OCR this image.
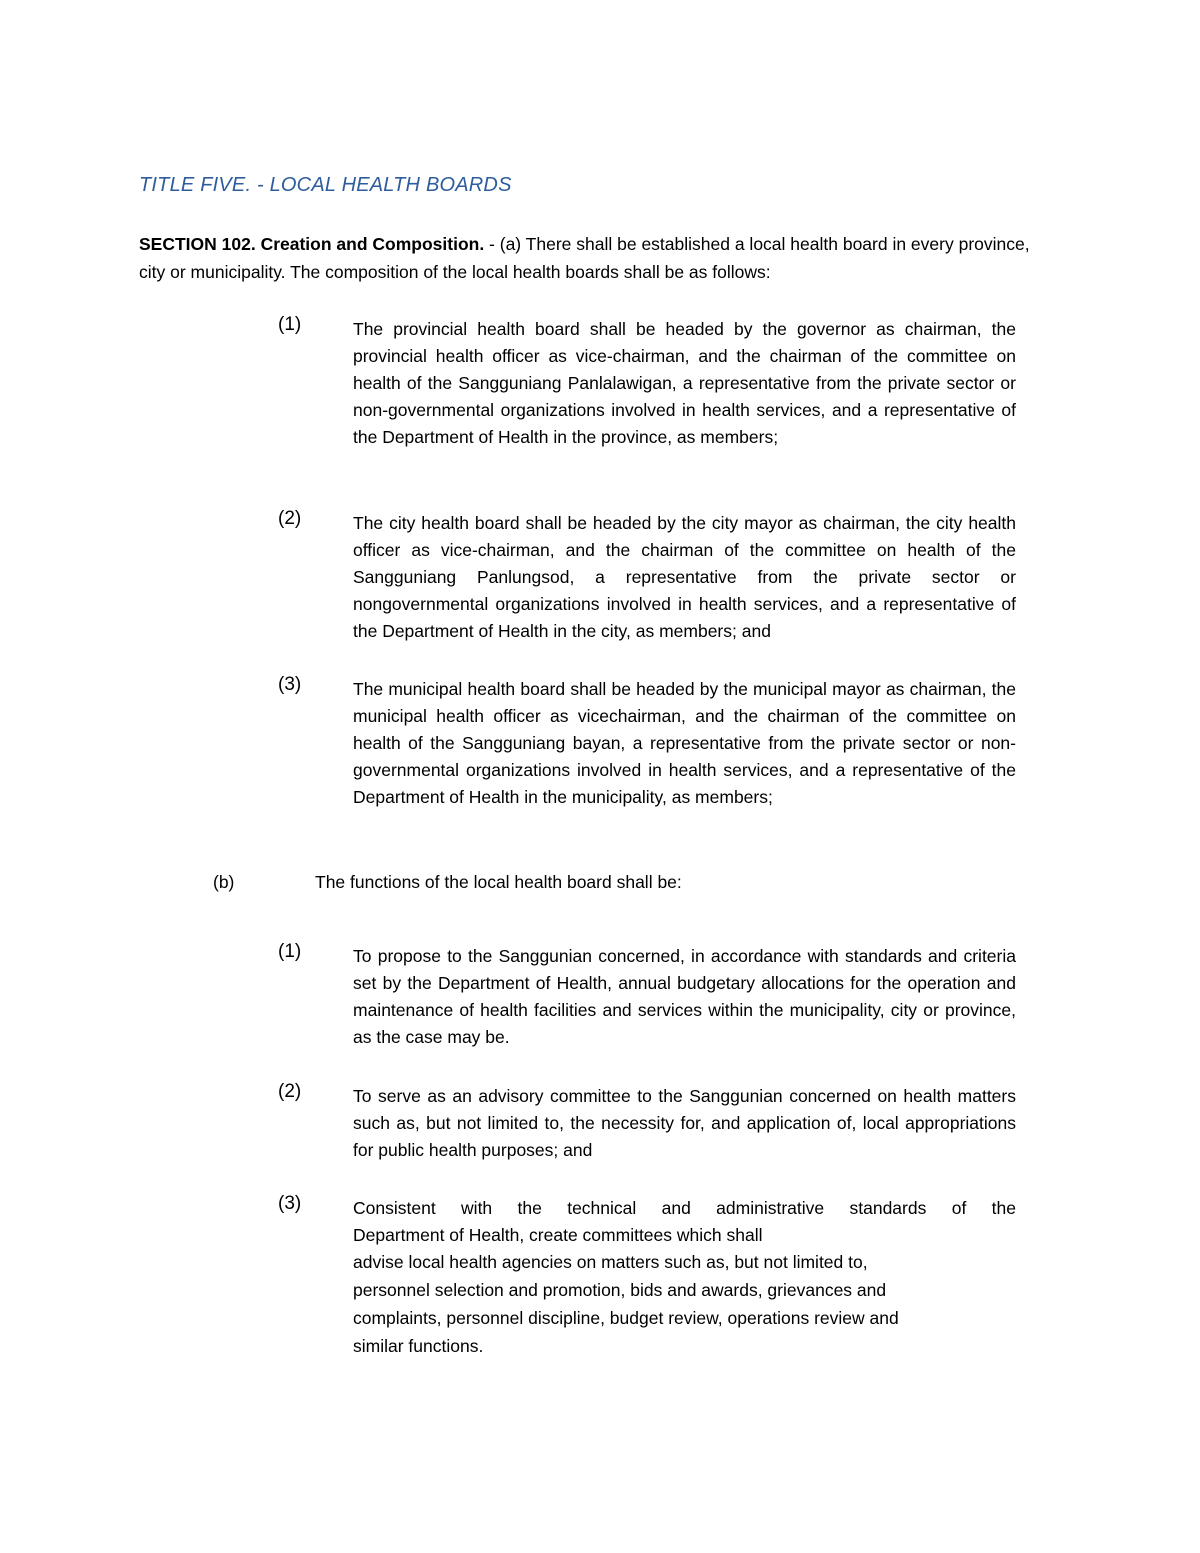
TITLE FIVE. - LOCAL HEALTH BOARDS
SECTION 102. Creation and Composition. - (a) There shall be established a local health board in every province, city or municipality. The composition of the local health boards shall be as follows:
(1)	The provincial health board shall be headed by the governor as chairman, the provincial health officer as vice-chairman, and the chairman of the committee on health of the Sangguniang Panlalawigan, a representative from the private sector or non-governmental organizations involved in health services, and a representative of the Department of Health in the province, as members;
(2)	The city health board shall be headed by the city mayor as chairman, the city health officer as vice-chairman, and the chairman of the committee on health of the Sangguniang Panlungsod, a representative from the private sector or nongovernmental organizations involved in health services, and a representative of the Department of Health in the city, as members; and
(3)	The municipal health board shall be headed by the municipal mayor as chairman, the municipal health officer as vicechairman, and the chairman of the committee on health of the Sangguniang bayan, a representative from the private sector or non-governmental organizations involved in health services, and a representative of the Department of Health in the municipality, as members;
(b)	The functions of the local health board shall be:
(1)	To propose to the Sanggunian concerned, in accordance with standards and criteria set by the Department of Health, annual budgetary allocations for the operation and maintenance of health facilities and services within the municipality, city or province, as the case may be.
(2)	To serve as an advisory committee to the Sanggunian concerned on health matters such as, but not limited to, the necessity for, and application of, local appropriations for public health purposes; and
(3)	Consistent with the technical and administrative standards of the
Department of Health, create committees which shall
advise local health agencies on matters such as, but not limited to,
personnel selection and promotion, bids and awards, grievances and
complaints, personnel discipline, budget review, operations review and
similar functions.
